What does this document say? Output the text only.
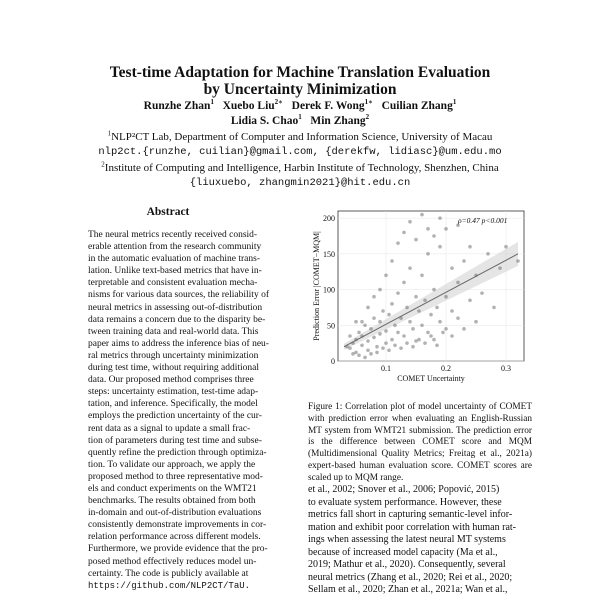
Test-time Adaptation for Machine Translation Evaluation
by Uncertainty Minimization
Runzhe Zhan$^1$ Xuebo Liu$^{2∗}$ Derek F. Wong$^{1∗}$ Cuilian Zhang$^1$
Lidia S. Chao$^1$ Min Zhang$^2$
$^1$NLP²CT Lab, Department of Computer and Information Science, University of Macau
nlp2ct.{runzhe, cuilian}@gmail.com, {derekfw, lidiasc}@um.edu.mo
$^2$Institute of Computing and Intelligence, Harbin Institute of Technology, Shenzhen, China
{liuxuebo, zhangmin2021}@hit.edu.cn
Abstract
The neural metrics recently received consid-
erable attention from the research community
in the automatic evaluation of machine trans-
lation. Unlike text-based metrics that have in-
terpretable and consistent evaluation mecha-
nisms for various data sources, the reliability of
neural metrics in assessing out-of-distribution
data remains a concern due to the disparity be-
tween training data and real-world data. This
paper aims to address the inference bias of neu-
ral metrics through uncertainty minimization
during test time, without requiring additional
data. Our proposed method comprises three
steps: uncertainty estimation, test-time adap-
tation, and inference. Specifically, the model
employs the prediction uncertainty of the cur-
rent data as a signal to update a small frac-
tion of parameters during test time and subse-
quently refine the prediction through optimiza-
tion. To validate our approach, we apply the
proposed method to three representative mod-
els and conduct experiments on the WMT21
benchmarks. The results obtained from both
in-domain and out-of-distribution evaluations
consistently demonstrate improvements in cor-
relation performance across different models.
Furthermore, we provide evidence that the pro-
posed method effectively reduces model un-
certainty. The code is publicly available at
https://github.com/NLP2CT/TaU.
0
50
100
150
200
0.1	0.2	0.3
ρ=0.47 p<0.001
COMET Uncertainty
Prediction Error |COMET−MQM|
Figure 1: Correlation plot of model uncertainty of COMET with prediction error when evaluating an English-Russian MT system from WMT21 submission. The prediction error is the difference between COMET score and MQM (Multidimensional Quality Metrics; Freitag et al., 2021a) expert-based human evaluation score. COMET scores are scaled up to MQM range.
et al., 2002; Snover et al., 2006; Popović, 2015)
to evaluate system performance. However, these
metrics fall short in capturing semantic-level infor-
mation and exhibit poor correlation with human rat-
ings when assessing the latest neural MT systems
because of increased model capacity (Ma et al.,
2019; Mathur et al., 2020). Consequently, several
neural metrics (Zhang et al., 2020; Rei et al., 2020;
Sellam et al., 2020; Zhan et al., 2021a; Wan et al.,
